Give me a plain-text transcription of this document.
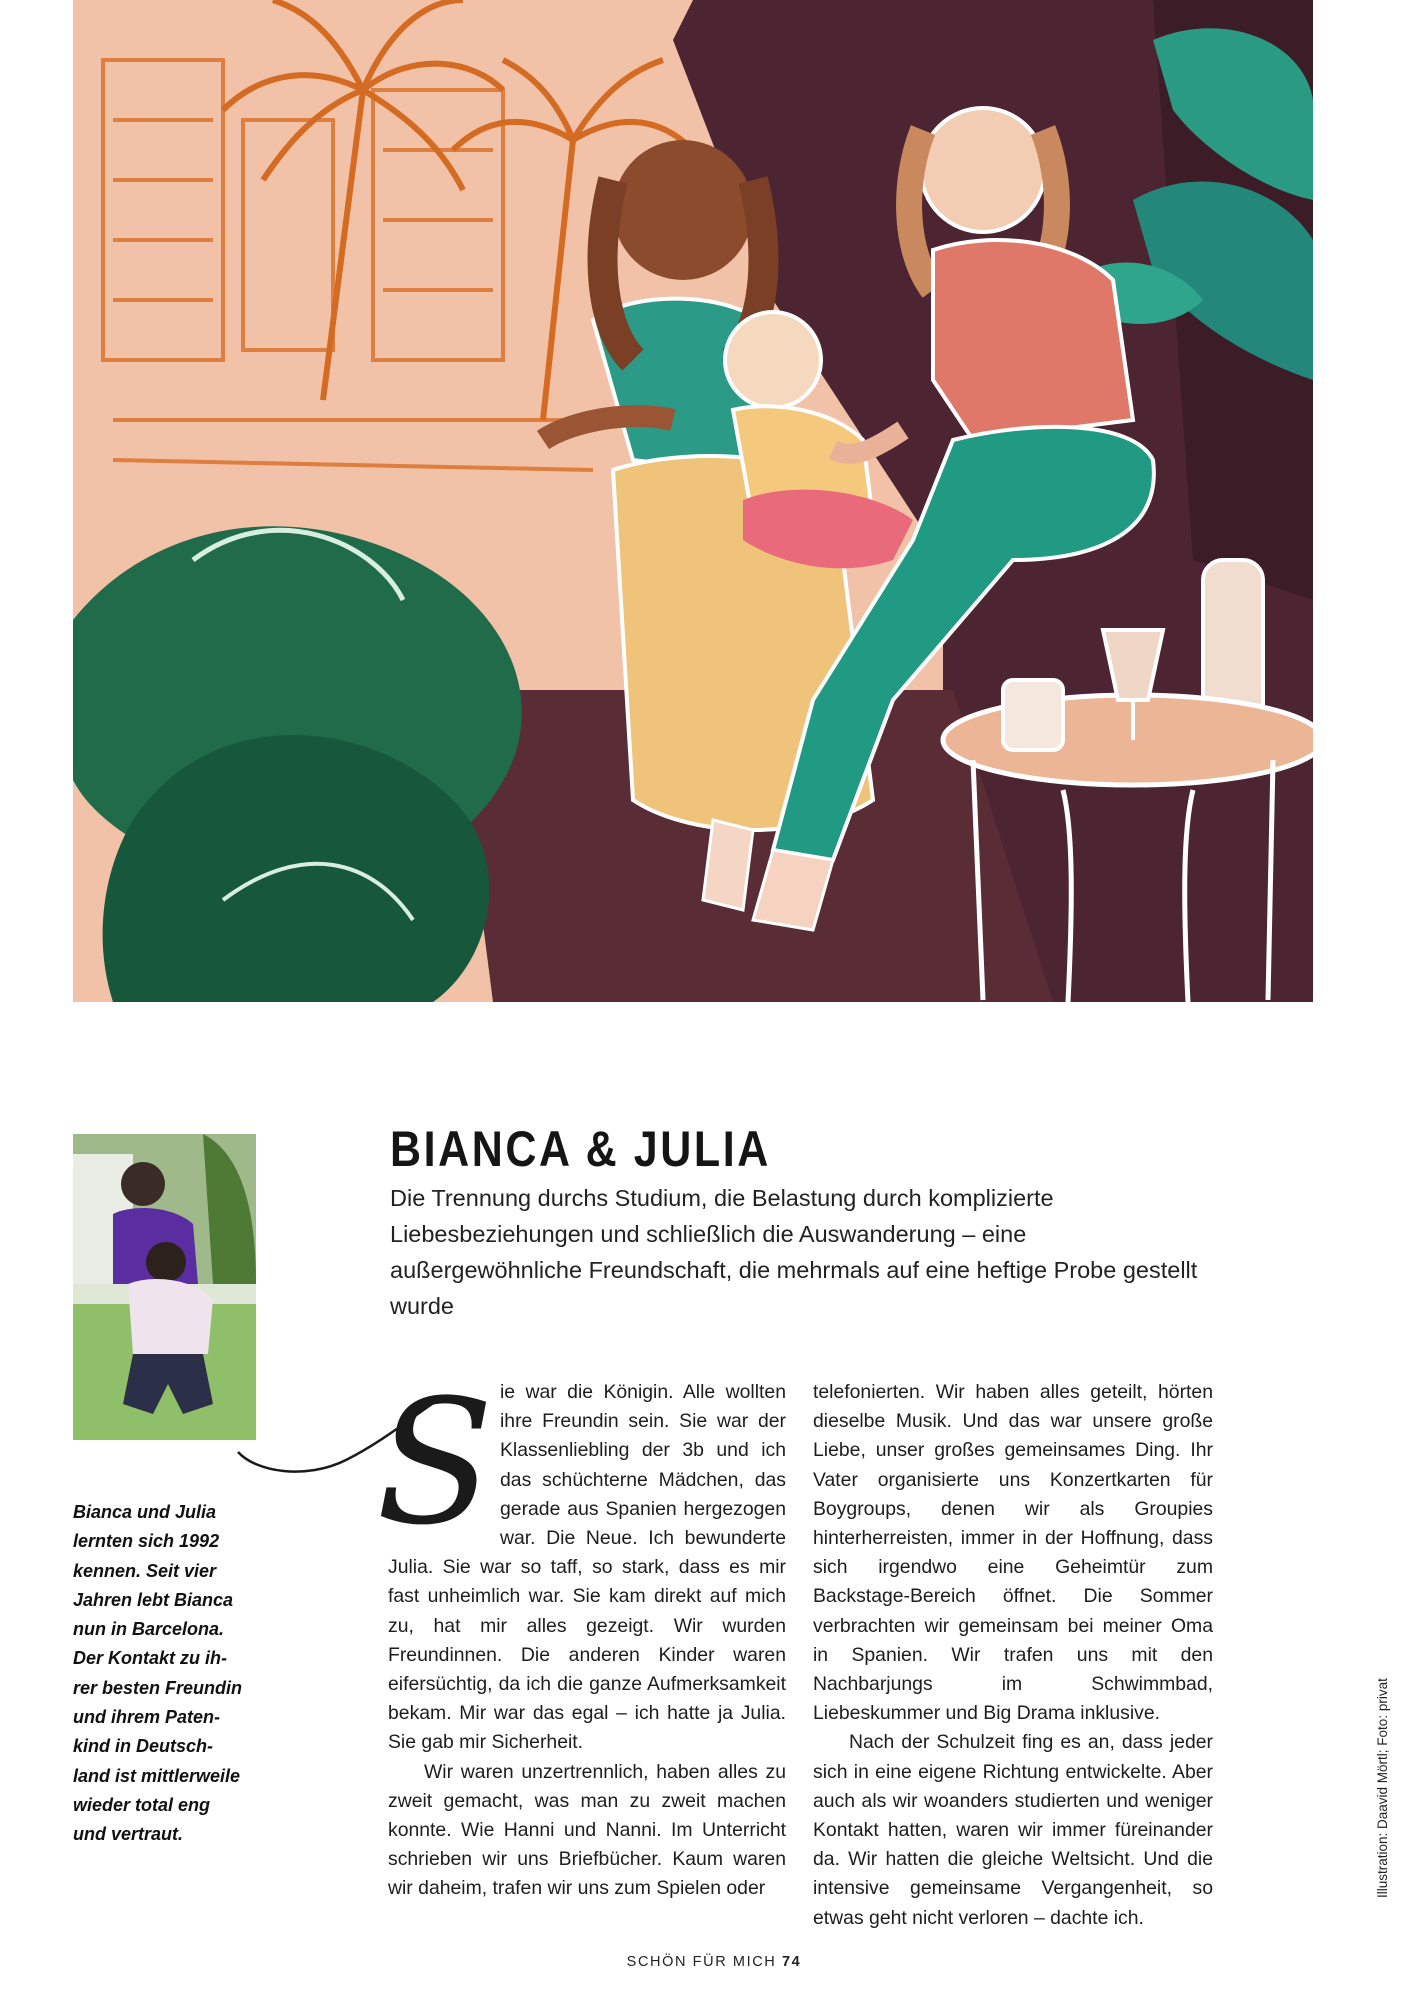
Bianca und Julia
lernten sich 1992
kennen. Seit vier
Jahren lebt Bianca
nun in Barcelona.
Der Kontakt zu ih-
rer besten Freundin
und ihrem Paten-
kind in Deutsch-
land ist mittlerweile
wieder total eng
und vertraut.
BIANCA & JULIA

Die Trennung durchs Studium, die Belastung durch komplizierte Liebesbeziehungen und schließlich die Auswanderung – eine außergewöhnliche Freundschaft, die mehrmals auf eine heftige Probe gestellt wurde

S ie war die Königin. Alle wollten ihre Freundin sein. Sie war der Klassenliebling der 3b und ich das schüchterne Mädchen, das gerade aus Spanien hergezogen war. Die Neue. Ich bewunderte Julia. Sie war so taff, so stark, dass es mir fast unheimlich war. Sie kam direkt auf mich zu, hat mir alles gezeigt. Wir wurden Freundinnen. Die anderen Kinder waren eifersüchtig, da ich die ganze Aufmerksamkeit bekam. Mir war das egal – ich hatte ja Julia. Sie gab mir Sicherheit.

Wir waren unzertrennlich, haben alles zu zweit gemacht, was man zu zweit machen konnte. Wie Hanni und Nanni. Im Unterricht schrieben wir uns Briefbücher. Kaum waren wir daheim, trafen wir uns zum Spielen oder

telefonierten. Wir haben alles geteilt, hörten dieselbe Musik. Und das war unsere große Liebe, unser großes gemeinsames Ding. Ihr Vater organisierte uns Konzertkarten für Boygroups, denen wir als Groupies hinterherreisten, immer in der Hoffnung, dass sich irgendwo eine Geheimtür zum Backstage-Bereich öffnet. Die Sommer verbrachten wir gemeinsam bei meiner Oma in Spanien. Wir trafen uns mit den Nachbarjungs im Schwimmbad, Liebeskummer und Big Drama inklusive.

Nach der Schulzeit fing es an, dass jeder sich in eine eigene Richtung entwickelte. Aber auch als wir woanders studierten und weniger Kontakt hatten, waren wir immer füreinander da. Wir hatten die gleiche Weltsicht. Und die intensive gemeinsame Vergangenheit, so etwas geht nicht verloren – dachte ich.

SCHÖN FÜR MICH 74
Illustration: Daavid Mörtl; Foto: privat
